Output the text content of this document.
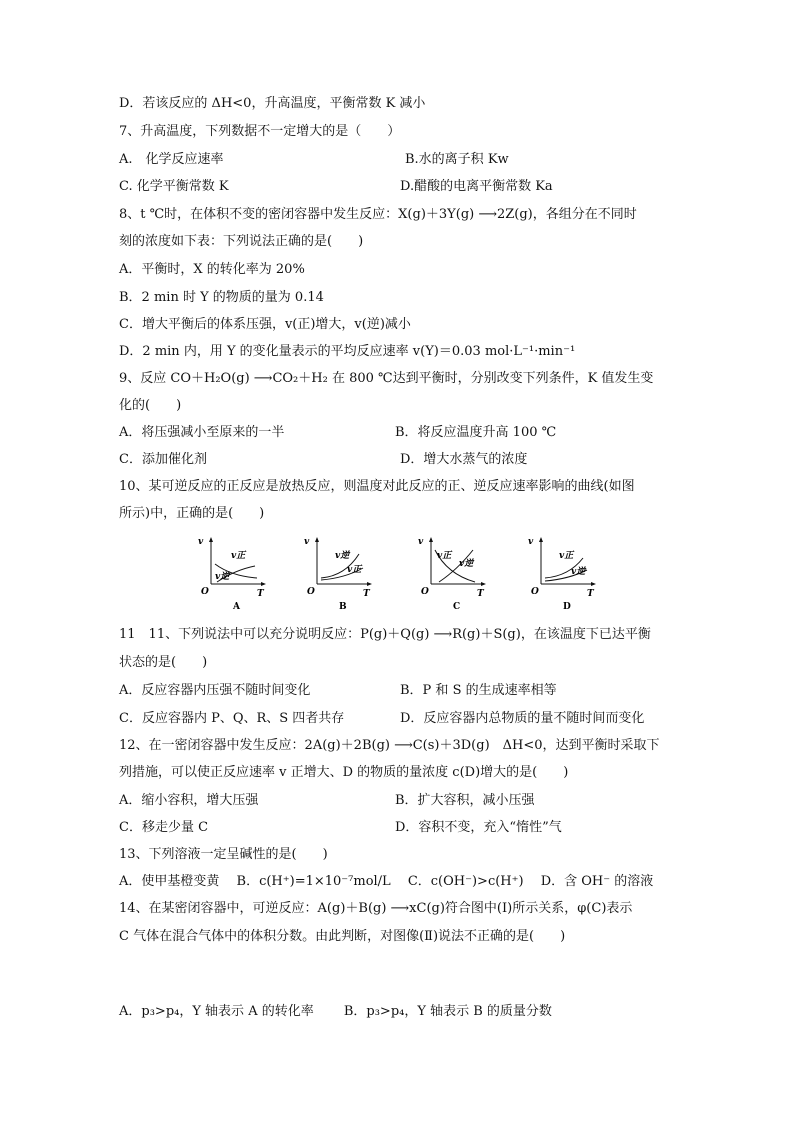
D．若该反应的 ΔH<0，升高温度，平衡常数 K 减小
7、升高温度，下列数据不一定增大的是（　　）
A.　化学反应速率	B.水的离子积 Kw
C. 化学平衡常数 K	D.醋酸的电离平衡常数 Ka
8、t ℃时，在体积不变的密闭容器中发生反应：X(g)＋3Y(g) ⟶2Z(g)，各组分在不同时
刻的浓度如下表：下列说法正确的是(　　)
A．平衡时，X 的转化率为 20%
B．2 min 时 Y 的物质的量为 0.14
C．增大平衡后的体系压强，v(正)增大，v(逆)减小
D．2 min 内，用 Y 的变化量表示的平均反应速率 v(Y)＝0.03 mol·L⁻¹·min⁻¹
9、反应 CO＋H₂O(g) ⟶CO₂＋H₂ 在 800 ℃达到平衡时，分别改变下列条件，K 值发生变
化的(　　)
A．将压强减小至原来的一半	B．将反应温度升高 100 ℃
C．添加催化剂	D．增大水蒸气的浓度
10、某可逆反应的正反应是放热反应，则温度对此反应的正、逆反应速率影响的曲线(如图
所示)中，正确的是(　　)
v
v正
v逆
O	T
A
v
v逆
v正
O	T
B
v
v正
v逆
O	T
C
v
v正
v逆
O	T
D
11　11、下列说法中可以充分说明反应：P(g)＋Q(g) ⟶R(g)＋S(g)，在该温度下已达平衡
状态的是(　　)
A．反应容器内压强不随时间变化	B．P 和 S 的生成速率相等
C．反应容器内 P、Q、R、S 四者共存	D．反应容器内总物质的量不随时间而变化
12、在一密闭容器中发生反应：2A(g)＋2B(g) ⟶C(s)＋3D(g)　ΔH<0，达到平衡时采取下
列措施，可以使正反应速率 v 正增大、D 的物质的量浓度 c(D)增大的是(　　)
A．缩小容积，增大压强	B．扩大容积，减小压强
C．移走少量 C	D．容积不变，充入“惰性”气
13、下列溶液一定呈碱性的是(　　)
A．使甲基橙变黄　 B．c(H⁺)=1×10⁻⁷mol/L　 C．c(OH⁻)>c(H⁺)　 D．含 OH⁻ 的溶液
14、在某密闭容器中，可逆反应：A(g)＋B(g) ⟶xC(g)符合图中(Ⅰ)所示关系，φ(C)表示
C 气体在混合气体中的体积分数。由此判断，对图像(Ⅱ)说法不正确的是(　　)
A．p₃>p₄，Y 轴表示 A 的转化率　　 B．p₃>p₄，Y 轴表示 B 的质量分数
